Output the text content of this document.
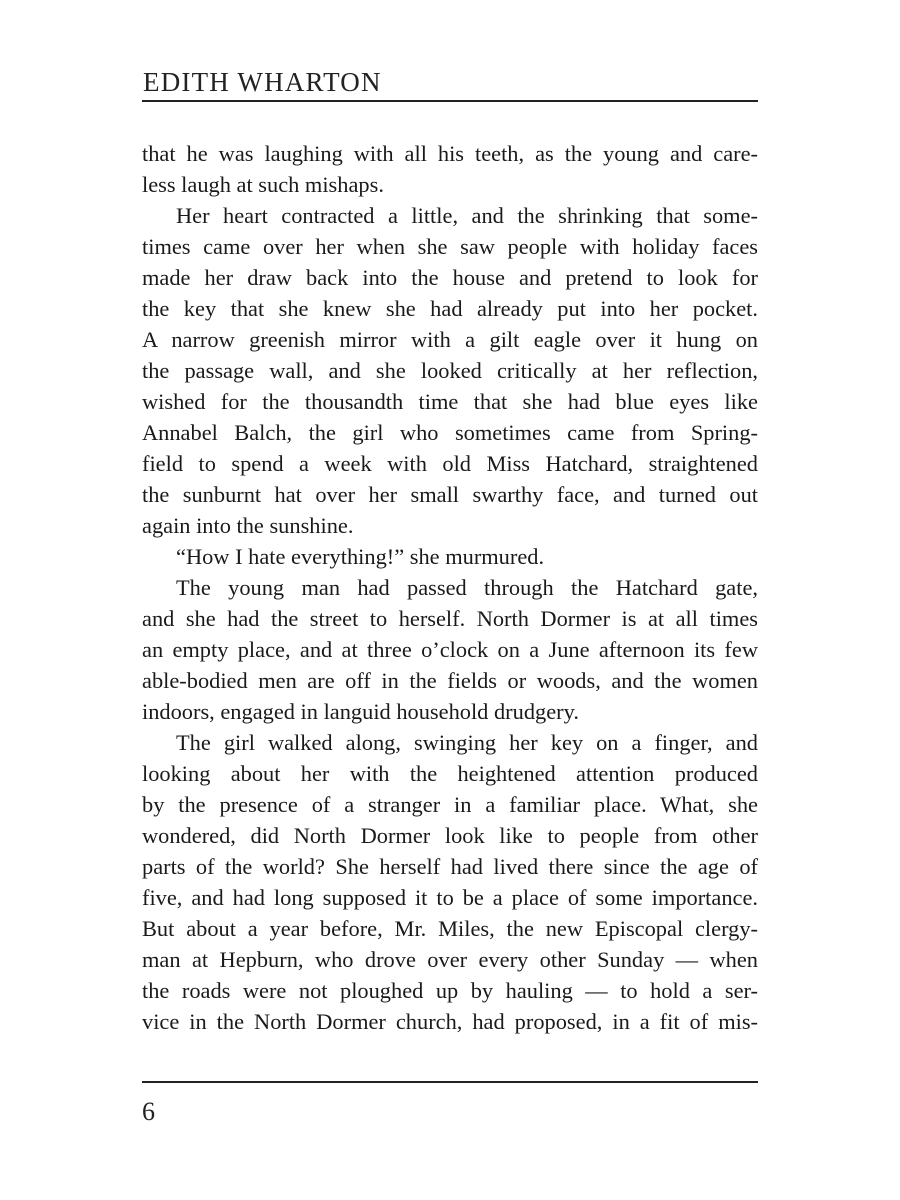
EDITH WHARTON
that he was laughing with all his teeth, as the young and care-
less laugh at such mishaps.
Her heart contracted a little, and the shrinking that some-
times came over her when she saw people with holiday faces
made her draw back into the house and pretend to look for
the key that she knew she had already put into her pocket.
A narrow greenish mirror with a gilt eagle over it hung on
the passage wall, and she looked critically at her reflection,
wished for the thousandth time that she had blue eyes like
Annabel Balch, the girl who sometimes came from Spring-
field to spend a week with old Miss Hatchard, straightened
the sunburnt hat over her small swarthy face, and turned out
again into the sunshine.
“How I hate everything!” she murmured.
The young man had passed through the Hatchard gate,
and she had the street to herself. North Dormer is at all times
an empty place, and at three o’clock on a June afternoon its few
able-bodied men are off in the fields or woods, and the women
indoors, engaged in languid household drudgery.
The girl walked along, swinging her key on a finger, and
looking about her with the heightened attention produced
by the presence of a stranger in a familiar place. What, she
wondered, did North Dormer look like to people from other
parts of the world? She herself had lived there since the age of
five, and had long supposed it to be a place of some importance.
But about a year before, Mr. Miles, the new Episcopal clergy-
man at Hepburn, who drove over every other Sunday — when
the roads were not ploughed up by hauling — to hold a ser-
vice in the North Dormer church, had proposed, in a fit of mis-
6
